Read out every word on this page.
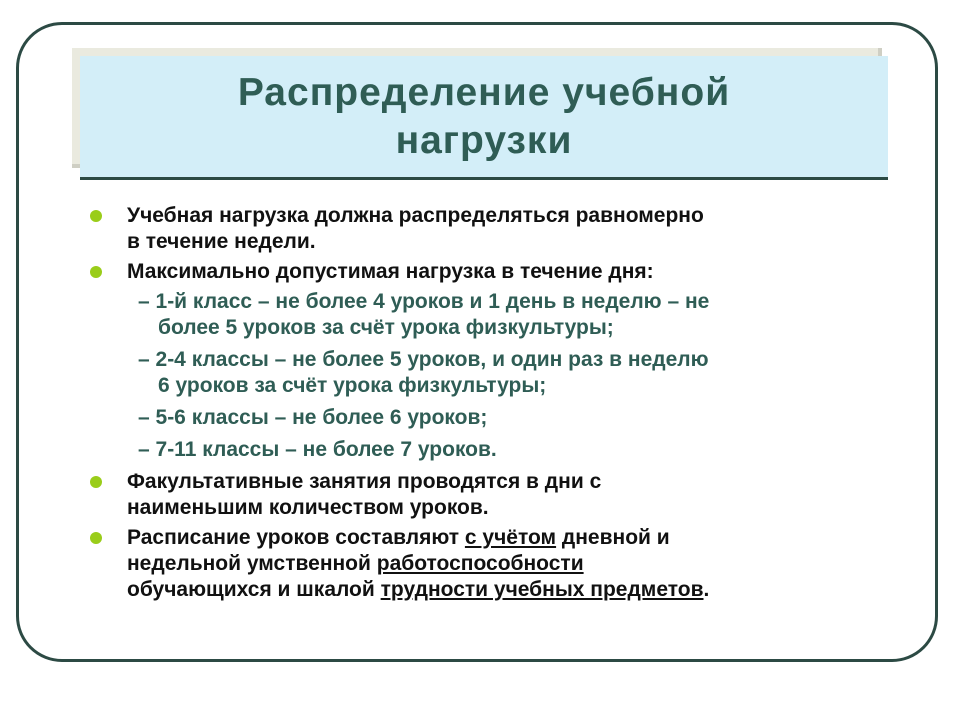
Распределение учебной
нагрузки
Учебная нагрузка должна распределяться равномерно
в течение недели.
Максимально допустимая нагрузка в течение дня:
– 1-й класс – не более 4 уроков и 1 день в неделю – не
более 5 уроков за счёт урока физкультуры;
– 2-4 классы – не более 5 уроков, и один раз в неделю
6 уроков за счёт урока физкультуры;
– 5-6 классы – не более 6 уроков;
– 7-11 классы – не более 7 уроков.
Факультативные занятия проводятся в дни с
наименьшим количеством уроков.
Расписание уроков составляют с учётом дневной и
недельной умственной работоспособности
обучающихся и шкалой трудности учебных предметов.
